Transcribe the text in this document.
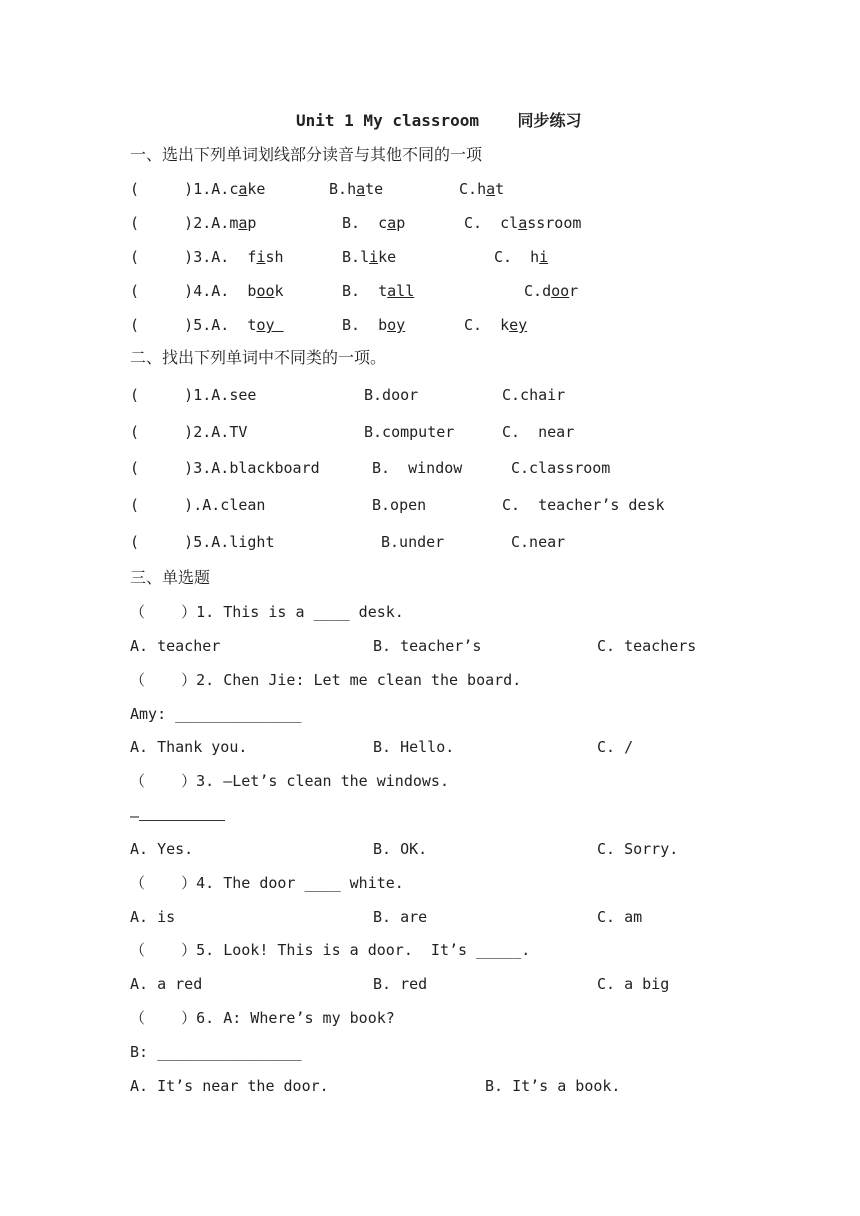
Unit 1 My classroom    同步练习
一、选出下列单词划线部分读音与其他不同的一项
(     )1.A.cake	B.hate	C.hat
(     )2.A.map	B.  cap	C.  classroom
(     )3.A.  fish	B.like	C.  hi
(     )4.A.  book	B.  tall	C.door
(     )5.A.  toy	B.  boy	C.  key
二、找出下列单词中不同类的一项。
(     )1.A.see	B.door	C.chair
(     )2.A.TV	B.computer	C.  near
(     )3.A.blackboard	B.  window	C.classroom
(     ).A.clean	B.open	C.  teacher’s desk
(     )5.A.light	B.under	C.near
三、单选题
（    ）1. This is a ____ desk.
A. teacher	B. teacher’s	C. teachers
（    ）2. Chen Jie: Let me clean the board.
Amy: ______________
A. Thank you.	B. Hello.	C. /
（    ）3. —Let’s clean the windows.
—
A. Yes.	B. OK.	C. Sorry.
（    ）4. The door ____ white.
A. is	B. are	C. am
（    ）5. Look! This is a door.  It’s _____.
A. a red	B. red	C. a big
（    ）6. A: Where’s my book?
B: ________________
A. It’s near the door.	B. It’s a book.
